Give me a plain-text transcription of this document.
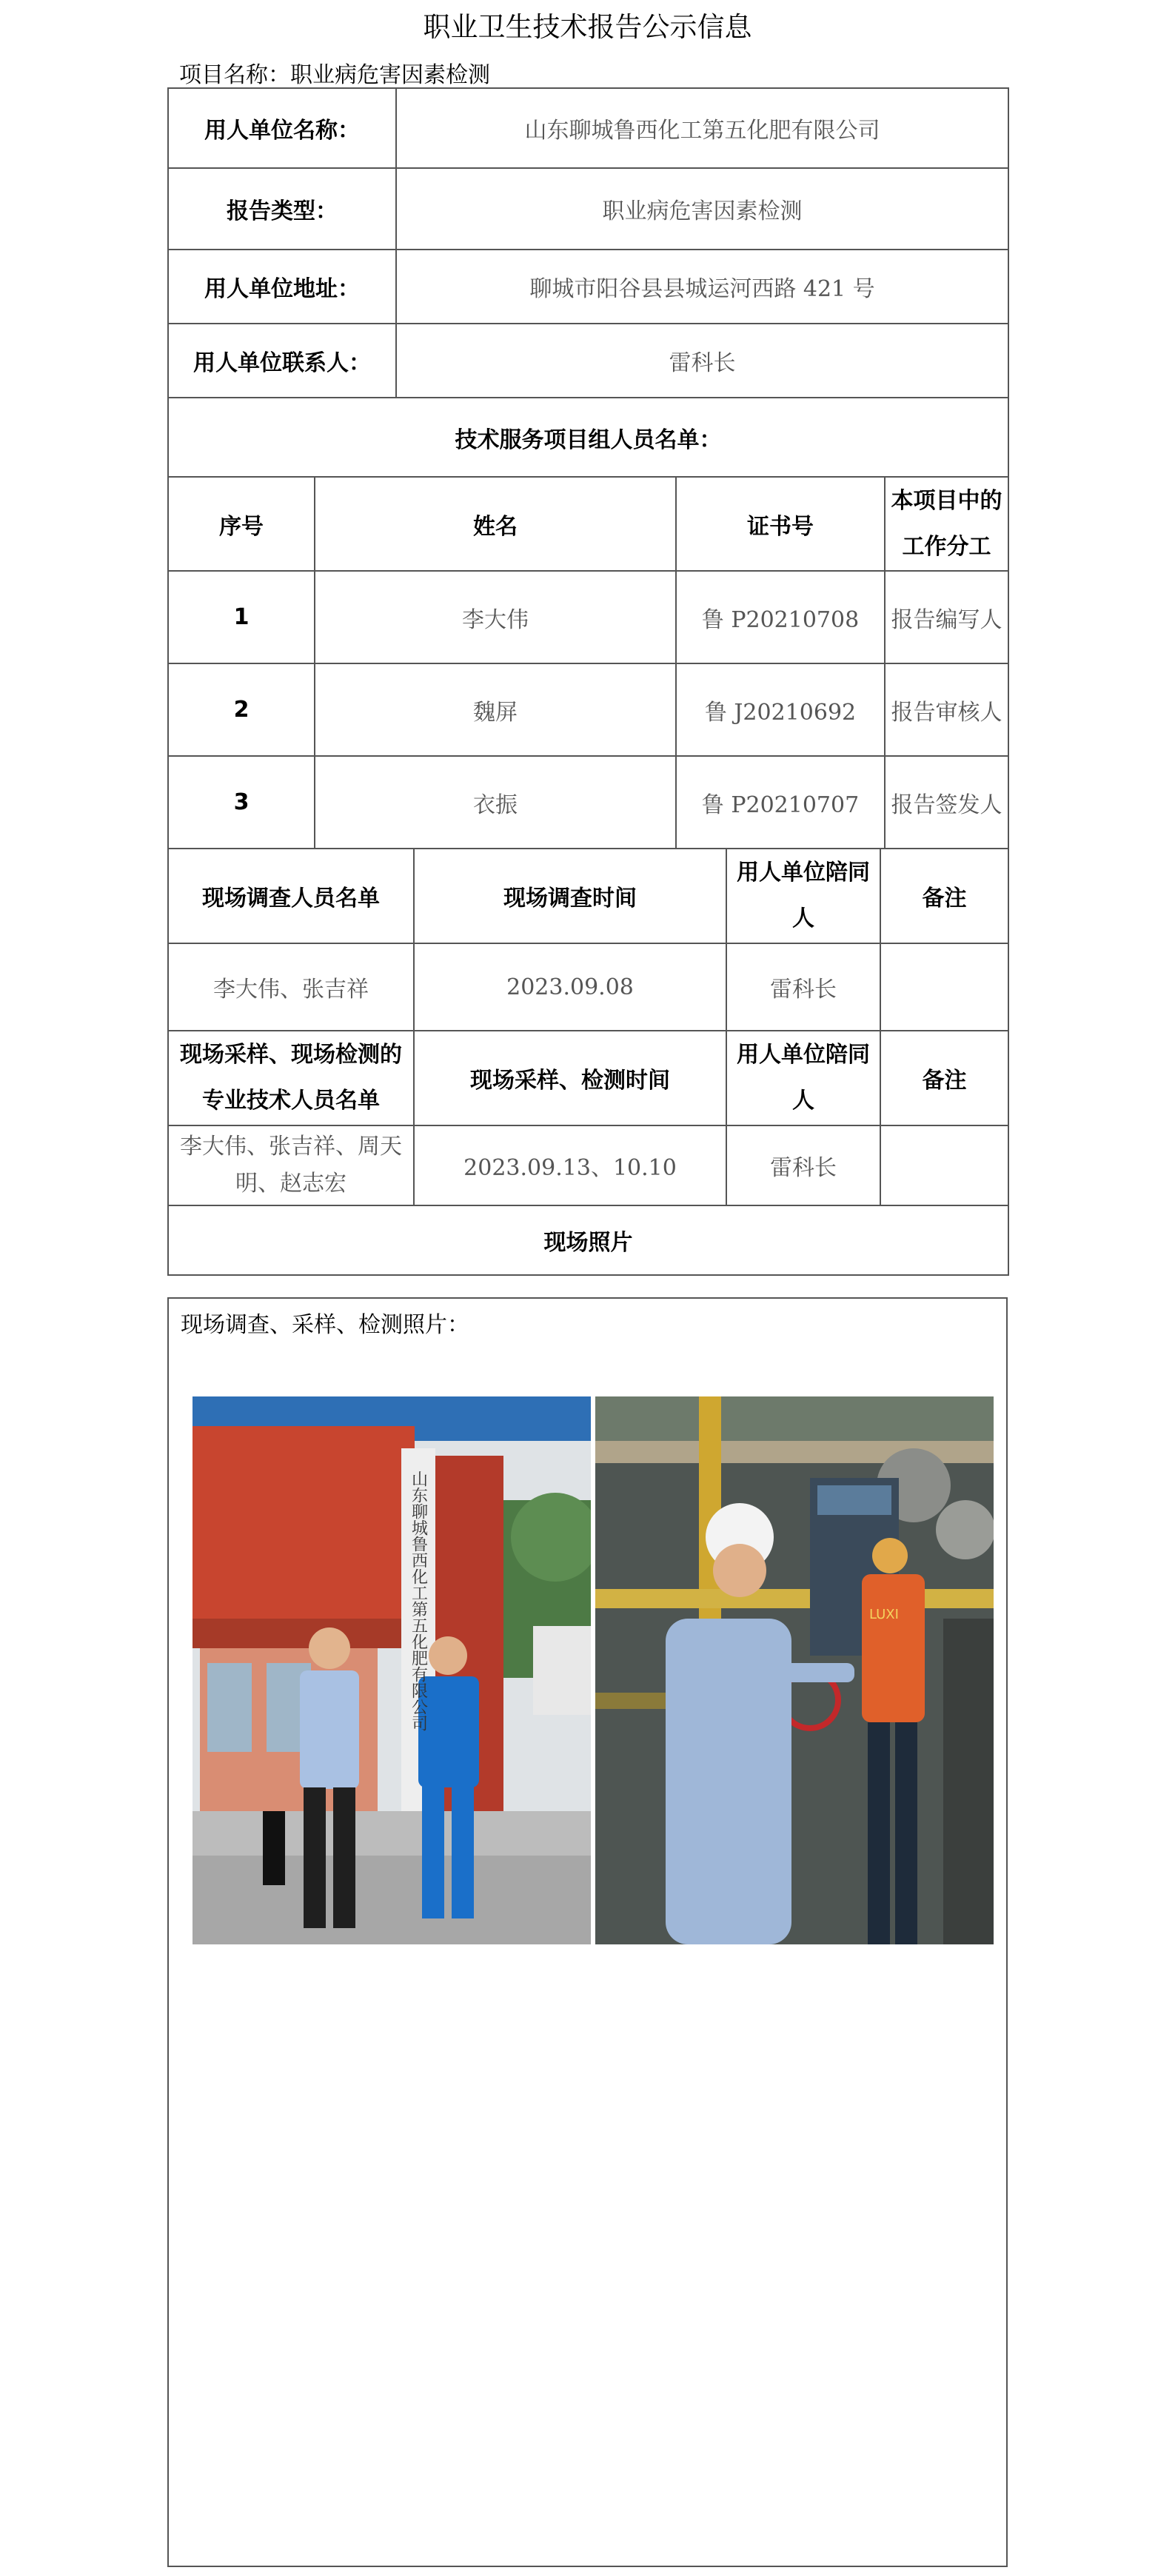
职业卫生技术报告公示信息
项目名称：职业病危害因素检测
用人单位名称：		山东聊城鲁西化工第五化肥有限公司		
报告类型：		职业病危害因素检测		
用人单位地址：		聊城市阳谷县县城运河西路 421 号		
用人单位联系人：		雷科长		
技术服务项目组人员名单：				
序号	姓名		证书号	本项目中的工作分工
1	李大伟		鲁 P20210708	报告编写人
2	魏屏		鲁 J20210692	报告审核人
3	衣振		鲁 P20210707	报告签发人
现场调查人员名单	现场调查时间	用人单位陪同人	备注
李大伟、张吉祥	2023.09.08	雷科长	
现场采样、现场检测的专业技术人员名单	现场采样、检测时间	用人单位陪同人	备注
李大伟、张吉祥、周天明、赵志宏	2023.09.13、10.10	雷科长	
现场照片			
现场调查、采样、检测照片：
山东聊城鲁西化工第五化肥有限公司	LUXI
